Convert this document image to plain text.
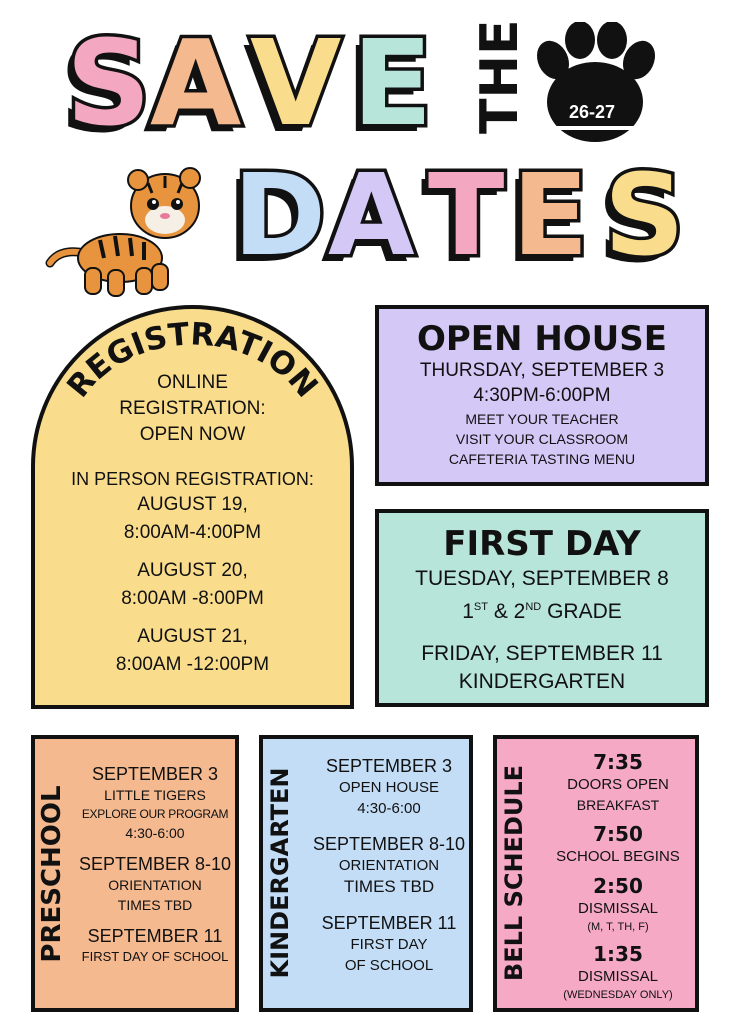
S A V E THE	26-27
D A T E S
REGISTRATION
ONLINE
REGISTRATION:
OPEN NOW
IN PERSON REGISTRATION:
AUGUST 19,
8:00AM-4:00PM
AUGUST 20,
8:00AM -8:00PM
AUGUST 21,
8:00AM -12:00PM
OPEN HOUSE
THURSDAY, SEPTEMBER 3
4:30PM-6:00PM
MEET YOUR TEACHER
VISIT YOUR CLASSROOM
CAFETERIA TASTING MENU
FIRST DAY
TUESDAY, SEPTEMBER 8
1ST & 2ND GRADE
FRIDAY, SEPTEMBER 11
KINDERGARTEN
PRESCHOOL
SEPTEMBER 3
LITTLE TIGERS
EXPLORE OUR PROGRAM
4:30-6:00
SEPTEMBER 8-10
ORIENTATION
TIMES TBD
SEPTEMBER 11
FIRST DAY OF SCHOOL	KINDERGARTEN
SEPTEMBER 3
OPEN HOUSE
4:30-6:00
SEPTEMBER 8-10
ORIENTATION
TIMES TBD
SEPTEMBER 11
FIRST DAY
OF SCHOOL	BELL SCHEDULE
7:35
DOORS OPEN
BREAKFAST
7:50
SCHOOL BEGINS
2:50
DISMISSAL
(M, T, TH, F)
1:35
DISMISSAL
(WEDNESDAY ONLY)
